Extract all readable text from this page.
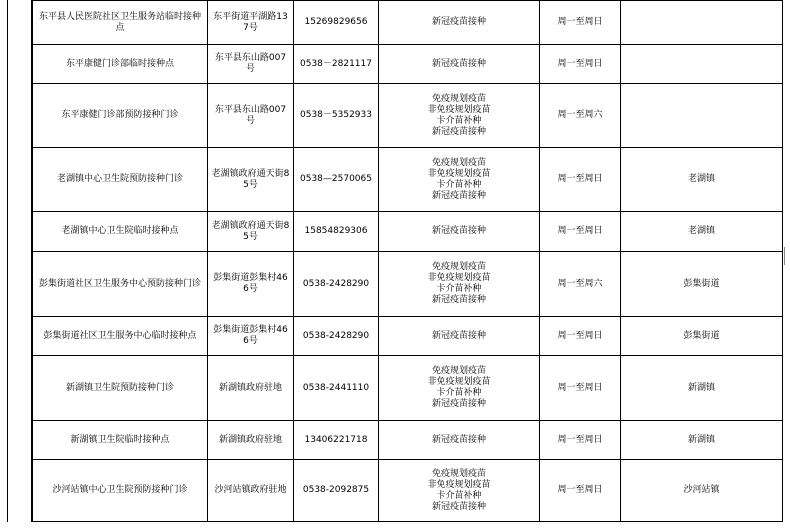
东平县人民医院社区卫生服务站临时接种点	东平街道平湖路137号	15269829656	新冠疫苗接种	周一至周日	
东平康健门诊部临时接种点	东平县东山路007号	0538－2821117	新冠疫苗接种	周一至周日	
东平康健门诊部预防接种门诊	东平县东山路007号	0538－5352933	免疫规划疫苗
非免疫规划疫苗
卡介苗补种
新冠疫苗接种	周一至周六	
老湖镇中心卫生院预防接种门诊	老湖镇政府通天街85号	0538—2570065	免疫规划疫苗
非免疫规划疫苗
卡介苗补种
新冠疫苗接种	周一至周日	老湖镇
老湖镇中心卫生院临时接种点	老湖镇政府通天街85号	15854829306	新冠疫苗接种	周一至周日	老湖镇
彭集街道社区卫生服务中心预防接种门诊	彭集街道彭集村466号	0538-2428290	免疫规划疫苗
非免疫规划疫苗
卡介苗补种
新冠疫苗接种	周一至周六	彭集街道
彭集街道社区卫生服务中心临时接种点	彭集街道彭集村466号	0538-2428290	新冠疫苗接种	周一至周日	彭集街道
新湖镇卫生院预防接种门诊	新湖镇政府驻地	0538-2441110	免疫规划疫苗
非免疫规划疫苗
卡介苗补种
新冠疫苗接种	周一至周日	新湖镇
新湖镇卫生院临时接种点	新湖镇政府驻地	13406221718	新冠疫苗接种	周一至周日	新湖镇
沙河站镇中心卫生院预防接种门诊	沙河站镇政府驻地	0538-2092875	免疫规划疫苗
非免疫规划疫苗
卡介苗补种
新冠疫苗接种	周一至周日	沙河站镇
